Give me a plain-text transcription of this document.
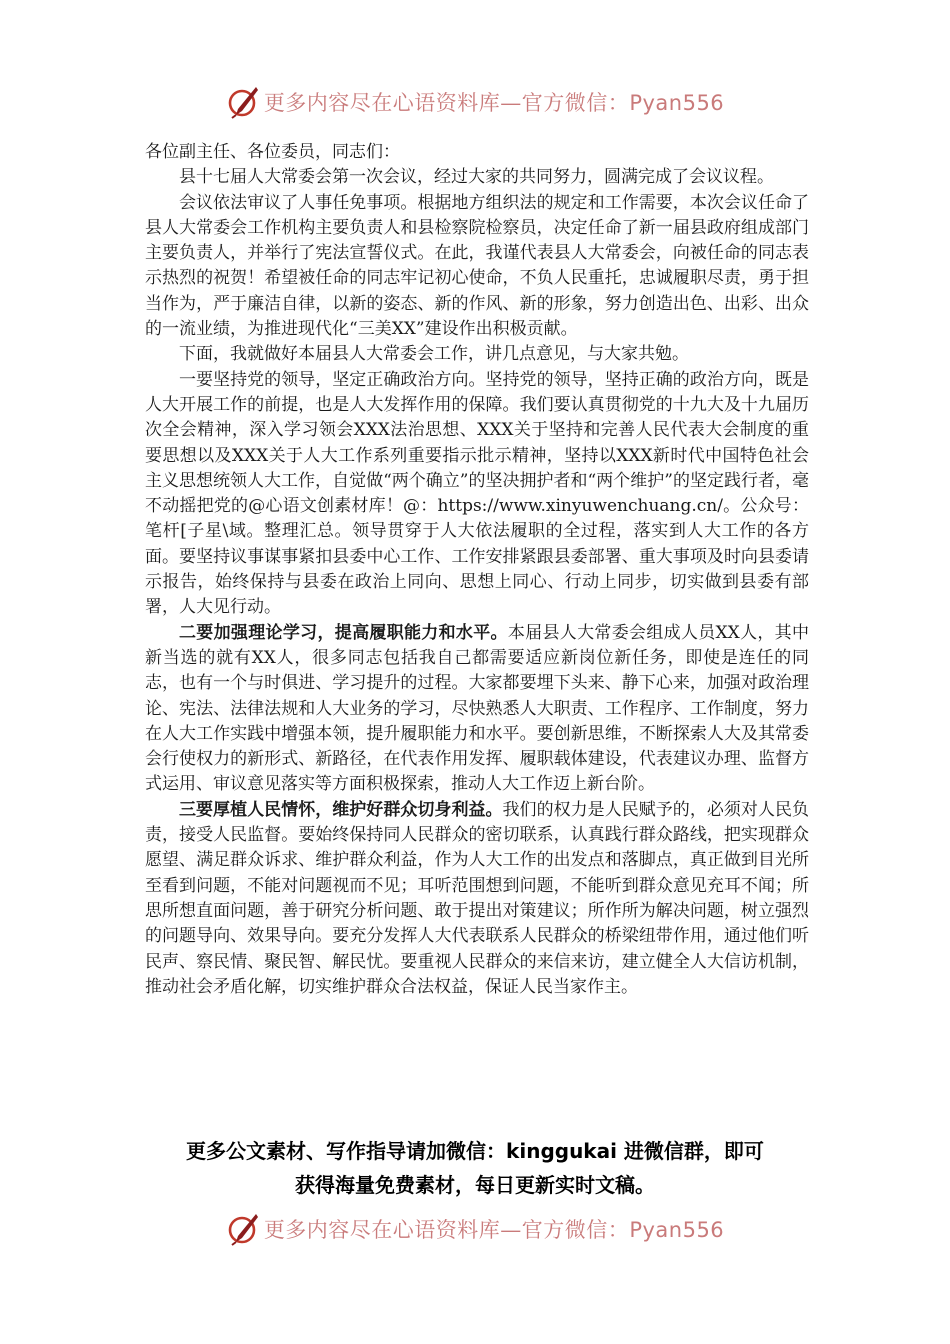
更多内容尽在心语资料库—官方微信：Pyan556

各位副主任、各位委员，同志们：

县十七届人大常委会第一次会议，经过大家的共同努力，圆满完成了会议议程。

会议依法审议了人事任免事项。根据地方组织法的规定和工作需要，本次会议任命了县人大常委会工作机构主要负责人和县检察院检察员，决定任命了新一届县政府组成部门主要负责人，并举行了宪法宣誓仪式。在此，我谨代表县人大常委会，向被任命的同志表示热烈的祝贺！希望被任命的同志牢记初心使命，不负人民重托，忠诚履职尽责，勇于担当作为，严于廉洁自律，以新的姿态、新的作风、新的形象，努力创造出色、出彩、出众的一流业绩，为推进现代化“三美XX”建设作出积极贡献。

下面，我就做好本届县人大常委会工作，讲几点意见，与大家共勉。

一要坚持党的领导，坚定正确政治方向。坚持党的领导，坚持正确的政治方向，既是人大开展工作的前提，也是人大发挥作用的保障。我们要认真贯彻党的十九大及十九届历次全会精神，深入学习领会XXX法治思想、XXX关于坚持和完善人民代表大会制度的重要思想以及XXX关于人大工作系列重要指示批示精神，坚持以XXX新时代中国特色社会主义思想统领人大工作，自觉做“两个确立”的坚决拥护者和“两个维护”的坚定践行者，毫不动摇把党的@心语文创素材库！@：https://www.xinyuwenchuang.cn/。公众号：笔杆[子星\域。整理汇总。领导贯穿于人大依法履职的全过程，落实到人大工作的各方面。要坚持议事谋事紧扣县委中心工作、工作安排紧跟县委部署、重大事项及时向县委请示报告，始终保持与县委在政治上同向、思想上同心、行动上同步，切实做到县委有部署，人大见行动。

二要加强理论学习，提高履职能力和水平。本届县人大常委会组成人员XX人，其中新当选的就有XX人，很多同志包括我自己都需要适应新岗位新任务，即使是连任的同志，也有一个与时俱进、学习提升的过程。大家都要埋下头来、静下心来，加强对政治理论、宪法、法律法规和人大业务的学习，尽快熟悉人大职责、工作程序、工作制度，努力在人大工作实践中增强本领，提升履职能力和水平。要创新思维，不断探索人大及其常委会行使权力的新形式、新路径，在代表作用发挥、履职载体建设，代表建议办理、监督方式运用、审议意见落实等方面积极探索，推动人大工作迈上新台阶。

三要厚植人民情怀，维护好群众切身利益。我们的权力是人民赋予的，必须对人民负责，接受人民监督。要始终保持同人民群众的密切联系，认真践行群众路线，把实现群众愿望、满足群众诉求、维护群众利益，作为人大工作的出发点和落脚点，真正做到目光所至看到问题，不能对问题视而不见；耳听范围想到问题，不能听到群众意见充耳不闻；所思所想直面问题，善于研究分析问题、敢于提出对策建议；所作所为解决问题，树立强烈的问题导向、效果导向。要充分发挥人大代表联系人民群众的桥梁纽带作用，通过他们听民声、察民情、聚民智、解民忧。要重视人民群众的来信来访，建立健全人大信访机制，推动社会矛盾化解，切实维护群众合法权益，保证人民当家作主。

更多公文素材、写作指导请加微信：kinggukai 进微信群，即可
获得海量免费素材，每日更新实时文稿。
更多内容尽在心语资料库—官方微信：Pyan556
